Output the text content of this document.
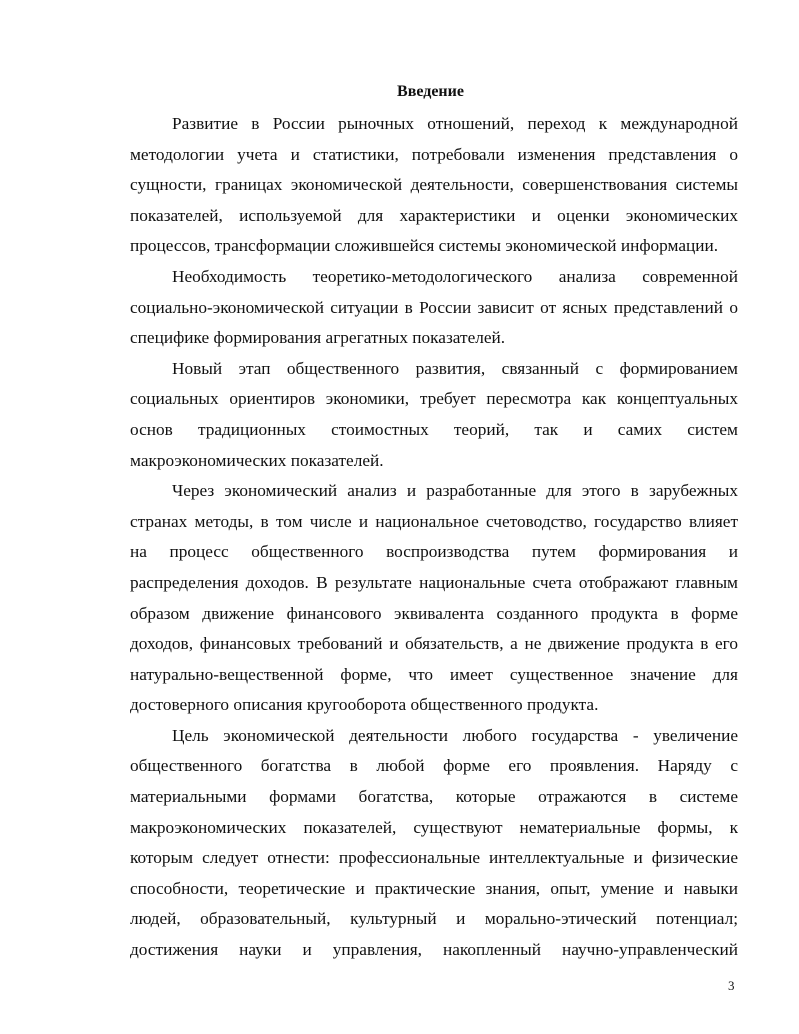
Введение
Развитие в России рыночных отношений, переход к международной
методологии учета и статистики, потребовали изменения представления о
сущности, границах экономической деятельности, совершенствования системы
показателей, используемой для характеристики и оценки экономических
процессов, трансформации сложившейся системы экономической информации.
Необходимость теоретико-методологического анализа современной
социально-экономической ситуации в России зависит от ясных представлений о
специфике формирования агрегатных показателей.
Новый этап общественного развития, связанный с формированием
социальных ориентиров экономики, требует пересмотра как концептуальных
основ традиционных стоимостных теорий, так и самих систем
макроэкономических показателей.
Через экономический анализ и разработанные для этого в зарубежных
странах методы, в том числе и национальное счетоводство, государство влияет
на процесс общественного воспроизводства путем формирования и
распределения доходов. В результате национальные счета отображают главным
образом движение финансового эквивалента созданного продукта в форме
доходов, финансовых требований и обязательств, а не движение продукта в его
натурально-вещественной форме, что имеет существенное значение для
достоверного описания кругооборота общественного продукта.
Цель экономической деятельности любого государства - увеличение
общественного богатства в любой форме его проявления. Наряду с
материальными формами богатства, которые отражаются в системе
макроэкономических показателей, существуют нематериальные формы, к
которым следует отнести: профессиональные интеллектуальные и физические
способности, теоретические и практические знания, опыт, умение и навыки
людей, образовательный, культурный и морально-этический потенциал;
достижения науки и управления, накопленный научно-управленческий
3
